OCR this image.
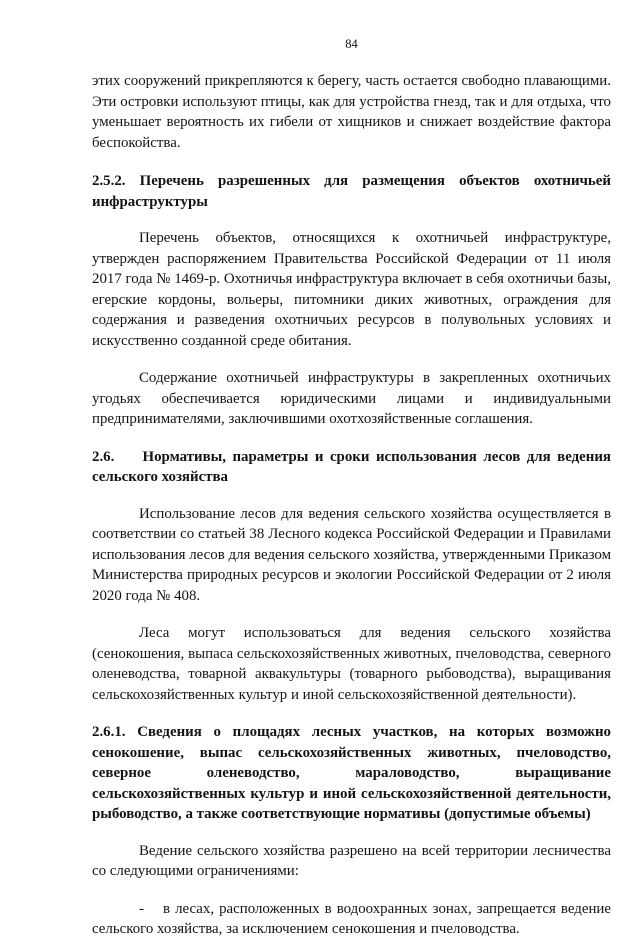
84

этих сооружений прикрепляются к берегу, часть остается свободно плавающими. Эти островки используют птицы, как для устройства гнезд, так и для отдыха, что уменьшает вероятность их гибели от хищников и снижает воздействие фактора беспокойства.

2.5.2. Перечень разрешенных для размещения объектов охотничьей инфраструктуры

Перечень объектов, относящихся к охотничьей инфраструктуре, утвержден распоряжением Правительства Российской Федерации от 11 июля 2017 года № 1469-р. Охотничья инфраструктура включает в себя охотничьи базы, егерские кордоны, вольеры, питомники диких животных, ограждения для содержания и разведения охотничьих ресурсов в полувольных условиях и искусственно созданной среде обитания.

Содержание охотничьей инфраструктуры в закрепленных охотничьих угодьях обеспечивается юридическими лицами и индивидуальными предпринимателями, заключившими охотхозяйственные соглашения.

2.6. Нормативы, параметры и сроки использования лесов для ведения сельского хозяйства

Использование лесов для ведения сельского хозяйства осуществляется в соответствии со статьей 38 Лесного кодекса Российской Федерации и Правилами использования лесов для ведения сельского хозяйства, утвержденными Приказом Министерства природных ресурсов и экологии Российской Федерации от 2 июля 2020 года № 408.

Леса могут использоваться для ведения сельского хозяйства (сенокошения, выпаса сельскохозяйственных животных, пчеловодства, северного оленеводства, товарной аквакультуры (товарного рыбоводства), выращивания сельскохозяйственных культур и иной сельскохозяйственной деятельности).

2.6.1. Сведения о площадях лесных участков, на которых возможно сенокошение, выпас сельскохозяйственных животных, пчеловодство, северное оленеводство, мараловодство, выращивание сельскохозяйственных культур и иной сельскохозяйственной деятельности, рыбоводство, а также соответствующие нормативы (допустимые объемы)

Ведение сельского хозяйства разрешено на всей территории лесничества со следующими ограничениями:

- в лесах, расположенных в водоохранных зонах, запрещается ведение сельского хозяйства, за исключением сенокошения и пчеловодства.
